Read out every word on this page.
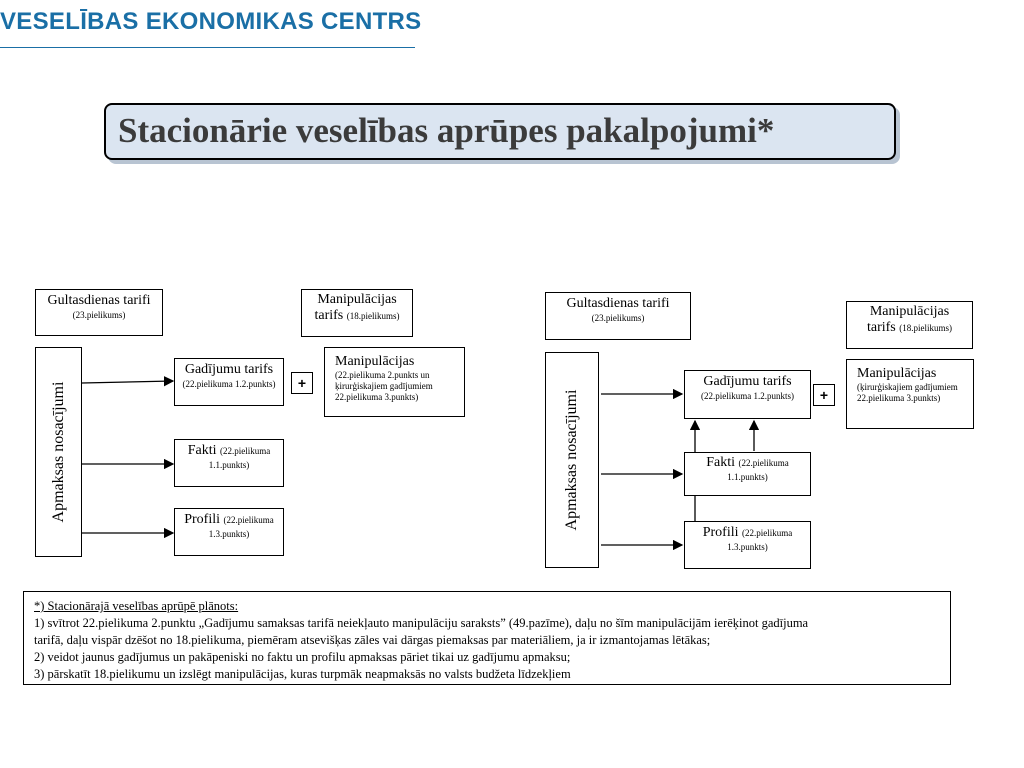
VESELĪBAS EKONOMIKAS CENTRS
Stacionārie veselības aprūpes pakalpojumi*
Gultasdienas tarifi
(23.pielikums)
Manipulācijas
tarifs (18.pielikums)
Apmaksas nosacījumi
Gadījumu tarifs
(22.pielikuma 1.2.punkts)	+
Manipulācijas
(22.pielikuma 2.punkts un ķirurģiskajiem gadījumiem 22.pielikuma 3.punkts)
Fakti (22.pielikuma
1.1.punkts)
Profili (22.pielikuma
1.3.punkts)
Gultasdienas tarifi
(23.pielikums)	Manipulācijas
tarifs (18.pielikums)
Apmaksas nosacījumi
Gadījumu tarifs
(22.pielikuma 1.2.punkts)	+
Manipulācijas
(ķirurģiskajiem gadījumiem 22.pielikuma 3.punkts)
Fakti (22.pielikuma
1.1.punkts)
Profili (22.pielikuma
1.3.punkts)
*) Stacionārajā veselības aprūpē plānots:
1) svītrot 22.pielikuma 2.punktu „Gadījumu samaksas tarifā neiekļauto manipulāciju saraksts” (49.pazīme), daļu no šīm manipulācijām ierēķinot gadījuma
tarifā, daļu vispār dzēšot no 18.pielikuma, piemēram atsevišķas zāles vai dārgas piemaksas par materiāliem, ja ir izmantojamas lētākas;
2) veidot jaunus gadījumus un pakāpeniski no faktu un profilu apmaksas pāriet tikai uz gadījumu apmaksu;
3) pārskatīt 18.pielikumu un izslēgt manipulācijas, kuras turpmāk neapmaksās no valsts budžeta līdzekļiem
